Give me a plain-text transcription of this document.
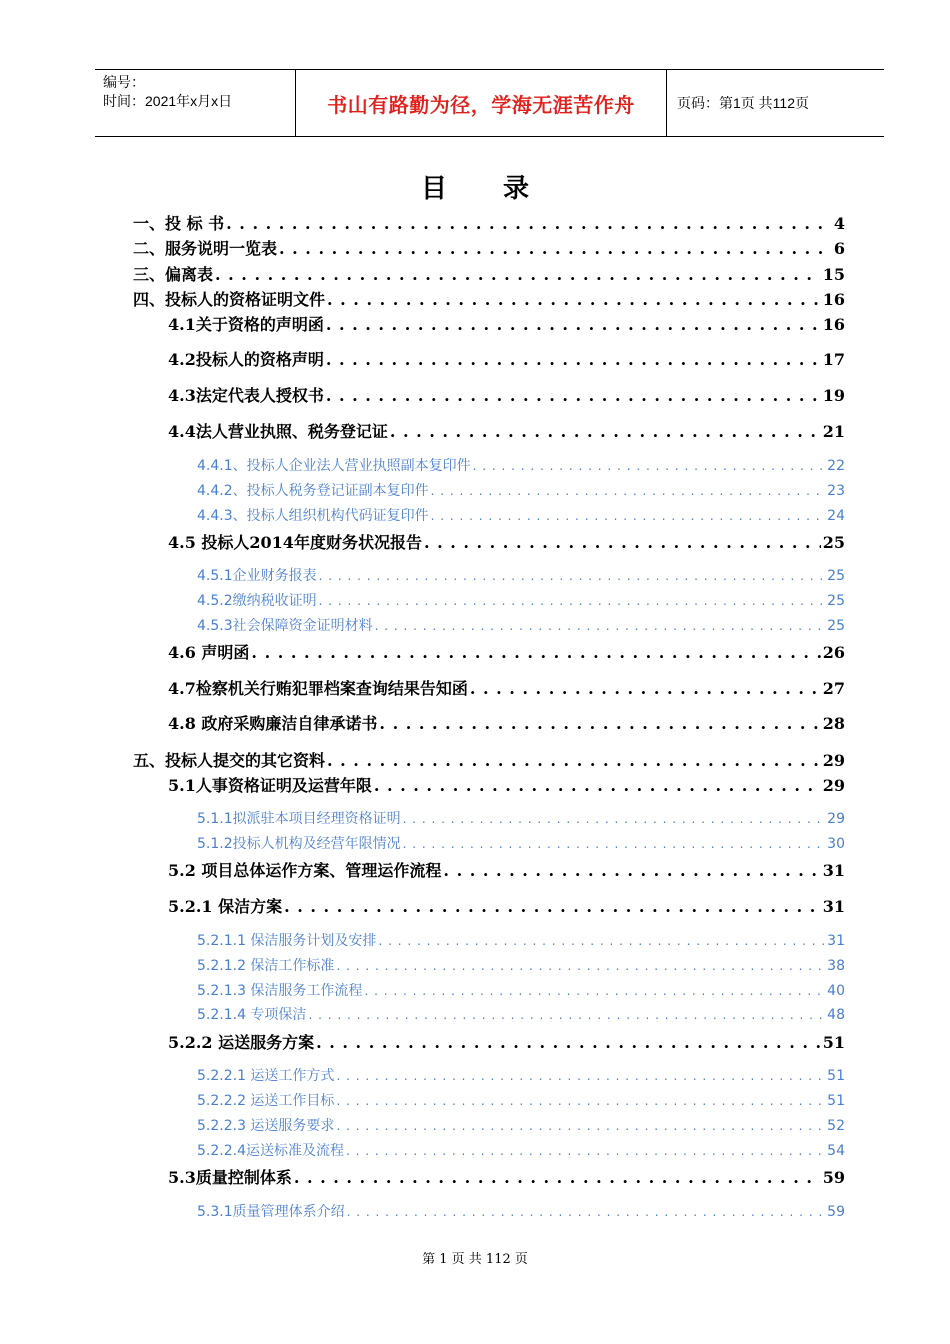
编号：
时间：2021年x月x日	书山有路勤为径，学海无涯苦作舟	页码：第1页 共112页
目录
一、投 标 书 . . .	4
二、服务说明一览表 . . .	6
三、偏离表 . . .	15
四、投标人的资格证明文件 . . .	16
4.1关于资格的声明函 . . .	16
4.2投标人的资格声明 . . .	17
4.3法定代表人授权书 . . .	19
4.4法人营业执照、税务登记证 . . .	21
4.4.1、投标人企业法人营业执照副本复印件 . . .	22
4.4.2、投标人税务登记证副本复印件 . . .	23
4.4.3、投标人组织机构代码证复印件 . . .	24
4.5 投标人2014年度财务状况报告 . . .	25
4.5.1企业财务报表 . . .	25
4.5.2缴纳税收证明 . . .	25
4.5.3社会保障资金证明材料 . . .	25
4.6 声明函 . . .	26
4.7检察机关行贿犯罪档案查询结果告知函 . . .	27
4.8 政府采购廉洁自律承诺书 . . .	28
五、投标人提交的其它资料 . . .	29
5.1人事资格证明及运营年限 . . .	29
5.1.1拟派驻本项目经理资格证明 . . .	29
5.1.2投标人机构及经营年限情况 . . .	30
5.2 项目总体运作方案、管理运作流程 . . .	31
5.2.1 保洁方案 . . .	31
5.2.1.1 保洁服务计划及安排 . . .	31
5.2.1.2 保洁工作标准 . . .	38
5.2.1.3 保洁服务工作流程 . . .	40
5.2.1.4 专项保洁 . . .	48
5.2.2 运送服务方案 . . .	51
5.2.2.1 运送工作方式 . . .	51
5.2.2.2 运送工作目标 . . .	51
5.2.2.3 运送服务要求 . . .	52
5.2.2.4运送标准及流程 . . .	54
5.3质量控制体系 . . .	59
5.3.1质量管理体系介绍 . . .	59
第 1 页 共 112 页
